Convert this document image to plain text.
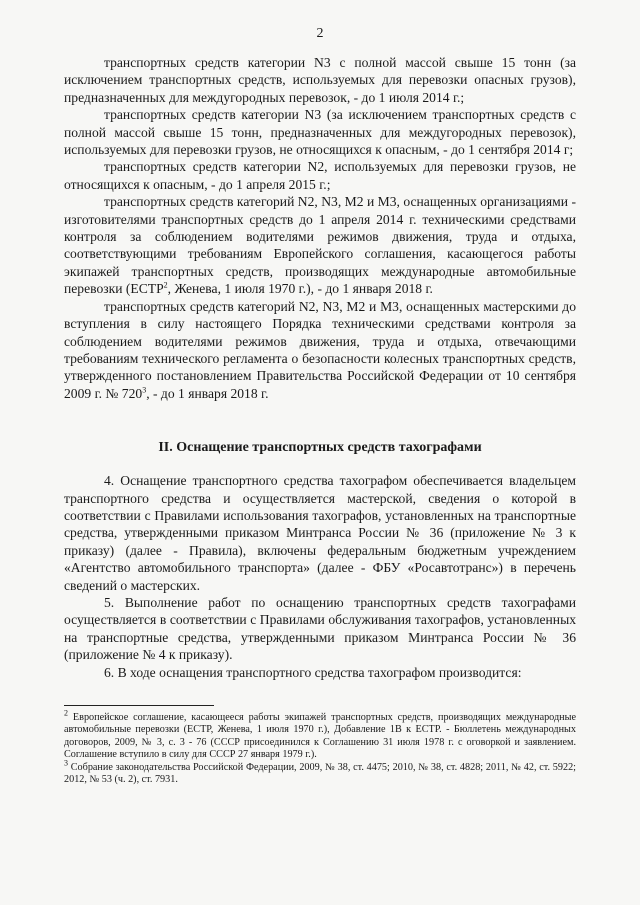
2

транспортных средств категории N3 с полной массой свыше 15 тонн (за исключением транспортных средств, используемых для перевозки опасных грузов), предназначенных для междугородных перевозок, - до 1 июля 2014 г.;

транспортных средств категории N3 (за исключением транспортных средств с полной массой свыше 15 тонн, предназначенных для междугородных перевозок), используемых для перевозки грузов, не относящихся к опасным, - до 1 сентября 2014 г;

транспортных средств категории N2, используемых для перевозки грузов, не относящихся к опасным, - до 1 апреля 2015 г.;

транспортных средств категорий N2, N3, M2 и M3, оснащенных организациями - изготовителями транспортных средств до 1 апреля 2014 г. техническими средствами контроля за соблюдением водителями режимов движения, труда и отдыха, соответствующими требованиям Европейского соглашения, касающегося работы экипажей транспортных средств, производящих международные автомобильные перевозки (ЕСТР$^2$, Женева, 1 июля 1970 г.), - до 1 января 2018 г.

транспортных средств категорий N2, N3, M2 и M3, оснащенных мастерскими до вступления в силу настоящего Порядка техническими средствами контроля за соблюдением водителями режимов движения, труда и отдыха, отвечающими требованиям технического регламента о безопасности колесных транспортных средств, утвержденного постановлением Правительства Российской Федерации от 10 сентября 2009 г. № $720^3$, - до 1 января 2018 г.

II. Оснащение транспортных средств тахографами

4. Оснащение транспортного средства тахографом обеспечивается владельцем транспортного средства и осуществляется мастерской, сведения о которой в соответствии с Правилами использования тахографов, установленных на транспортные средства, утвержденными приказом Минтранса России № 36 (приложение № 3 к приказу) (далее - Правила), включены федеральным бюджетным учреждением «Агентство автомобильного транспорта» (далее - ФБУ «Росавтотранс») в перечень сведений о мастерских.

5. Выполнение работ по оснащению транспортных средств тахографами осуществляется в соответствии с Правилами обслуживания тахографов, установленных на транспортные средства, утвержденными приказом Минтранса России № 36 (приложение № 4 к приказу).

6. В ходе оснащения транспортного средства тахографом производится:

$^2$ Европейское соглашение, касающееся работы экипажей транспортных средств, производящих международные автомобильные перевозки (ЕСТР, Женева, 1 июля 1970 г.), Добавление 1В к ЕСТР. - Бюллетень международных договоров, 2009, № 3, с. 3 - 76 (СССР присоединился к Соглашению 31 июля 1978 г. с оговоркой и заявлением. Соглашение вступило в силу для СССР 27 января 1979 г.).

$^3$ Собрание законодательства Российской Федерации, 2009, № 38, ст. 4475; 2010, № 38, ст. 4828; 2011, № 42, ст. 5922; 2012, № 53 (ч. 2), ст. 7931.
